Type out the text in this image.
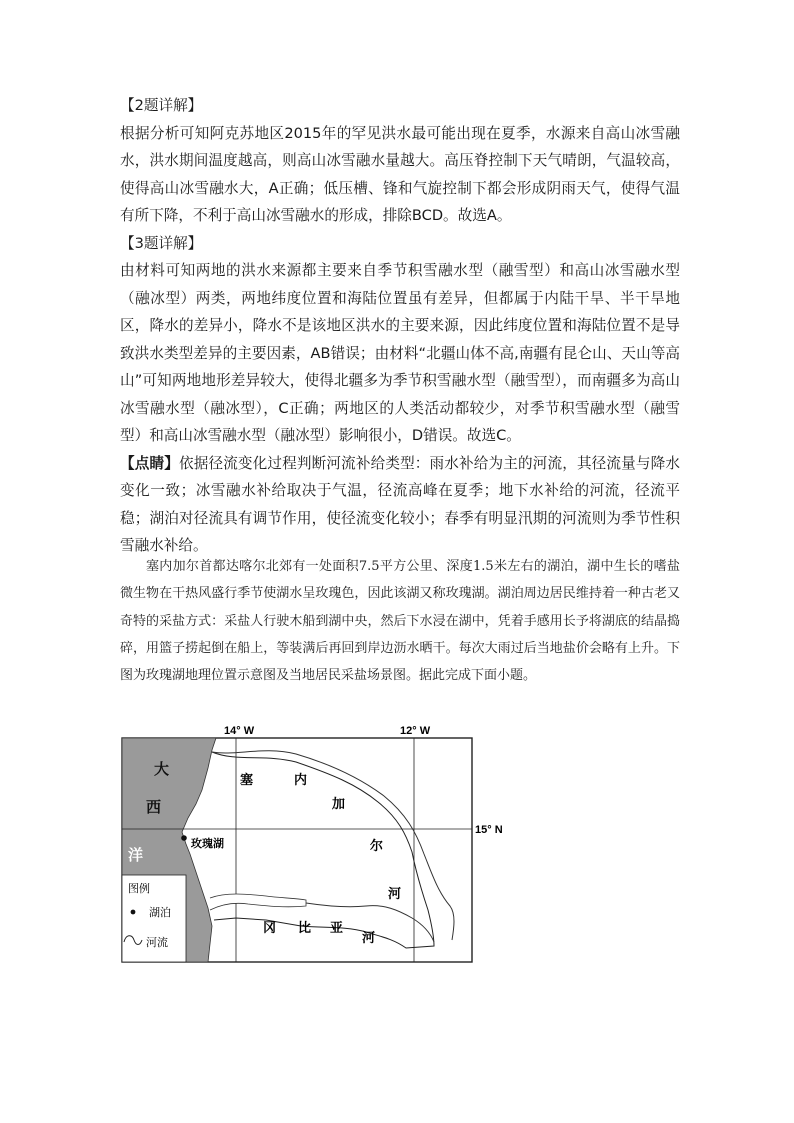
【2题详解】

根据分析可知阿克苏地区2015年的罕见洪水最可能出现在夏季，水源来自高山冰雪融水，洪水期间温度越高，则高山冰雪融水量越大。高压脊控制下天气晴朗，气温较高，使得高山冰雪融水大，A正确；低压槽、锋和气旋控制下都会形成阴雨天气，使得气温有所下降，不利于高山冰雪融水的形成，排除BCD。故选A。

【3题详解】

由材料可知两地的洪水来源都主要来自季节积雪融水型（融雪型）和高山冰雪融水型（融冰型）两类，两地纬度位置和海陆位置虽有差异，但都属于内陆干旱、半干旱地区，降水的差异小，降水不是该地区洪水的主要来源，因此纬度位置和海陆位置不是导致洪水类型差异的主要因素，AB错误；由材料“北疆山体不高,南疆有昆仑山、天山等高山”可知两地地形差异较大，使得北疆多为季节积雪融水型（融雪型），而南疆多为高山冰雪融水型（融冰型），C正确；两地区的人类活动都较少，对季节积雪融水型（融雪型）和高山冰雪融水型（融冰型）影响很小，D错误。故选C。

【点睛】依据径流变化过程判断河流补给类型：雨水补给为主的河流，其径流量与降水变化一致；冰雪融水补给取决于气温，径流高峰在夏季；地下水补给的河流，径流平稳；湖泊对径流具有调节作用，使径流变化较小；春季有明显汛期的河流则为季节性积雪融水补给。

塞内加尔首都达喀尔北郊有一处面积7.5平方公里、深度1.5米左右的湖泊，湖中生长的嗜盐微生物在干热风盛行季节使湖水呈玫瑰色，因此该湖又称玫瑰湖。湖泊周边居民维持着一种古老又奇特的采盐方式：采盐人行驶木船到湖中央，然后下水浸在湖中，凭着手感用长予将湖底的结晶捣碎，用篮子捞起倒在船上，等装满后再回到岸边沥水晒干。每次大雨过后当地盐价会略有上升。下图为玫瑰湖地理位置示意图及当地居民采盐场景图。据此完成下面小题。

图例
湖泊
河流
玫瑰湖
大
西
洋
塞	内
加
尔
河
冈 比 亚
河
14° W	12° W
15° N
